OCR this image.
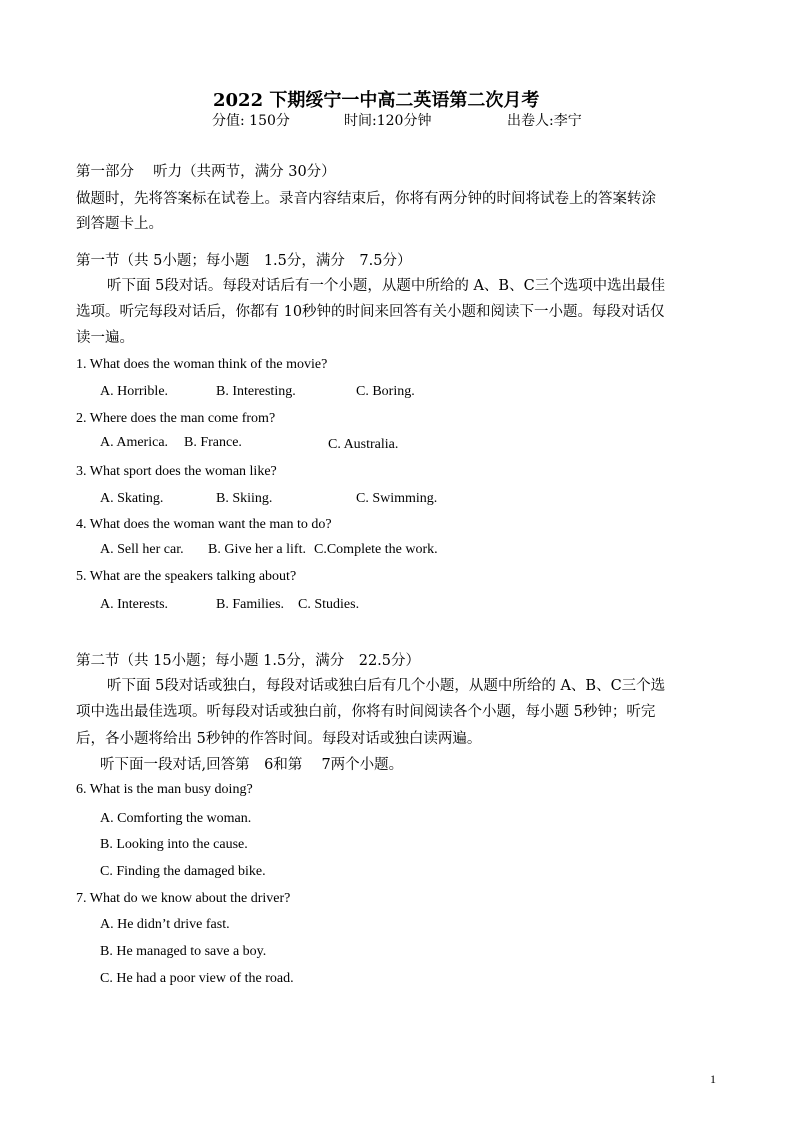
2022 下期绥宁一中高二英语第二次月考
分值: 150分	时间:120分钟	出卷人:李宁
第一部分　 听力（共两节，满分 30分）
做题时，先将答案标在试卷上。录音内容结束后，你将有两分钟的时间将试卷上的答案转涂
到答题卡上。
第一节（共 5小题；每小题　1.5分，满分　7.5分）
听下面 5段对话。每段对话后有一个小题，从题中所给的 A、B、C三个选项中选出最佳
选项。听完每段对话后，你都有 10秒钟的时间来回答有关小题和阅读下一小题。每段对话仅
读一遍。
1. What does the woman think of the movie?
A. Horrible.	B. Interesting.	C. Boring.
2. Where does the man come from?
A. America. B. France.	C. Australia.
3. What sport does the woman like?
A. Skating.	B. Skiing.	C. Swimming.
4. What does the woman want the man to do?
A. Sell her car. B. Give her a lift. C.Complete the work.
5. What are the speakers talking about?
A. Interests.	B. Families. C. Studies.
第二节（共 15小题；每小题 1.5分，满分　22.5分）
听下面 5段对话或独白，每段对话或独白后有几个小题，从题中所给的 A、B、C三个选
项中选出最佳选项。听每段对话或独白前，你将有时间阅读各个小题，每小题 5秒钟；听完
后，各小题将给出 5秒钟的作答时间。每段对话或独白读两遍。
听下面一段对话,回答第　6和第　 7两个小题。
6. What is the man busy doing?
A. Comforting the woman.
B. Looking into the cause.
C. Finding the damaged bike.
7. What do we know about the driver?
A. He didn’t drive fast.
B. He managed to save a boy.
C. He had a poor view of the road.
1
